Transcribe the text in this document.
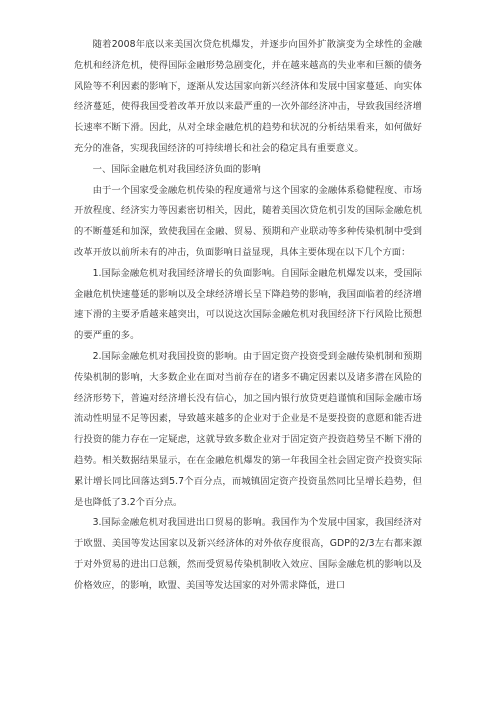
随着2008年底以来美国次贷危机爆发，并逐步向国外扩散演变为全球性的金融危机和经济危机，使得国际金融形势急剧变化，并在越来越高的失业率和巨额的债务风险等不利因素的影响下，逐渐从发达国家向新兴经济体和发展中国家蔓延、向实体经济蔓延，使得我国受着改革开放以来最严重的一次外部经济冲击，导致我国经济增长速率不断下滑。因此，从对全球金融危机的趋势和状况的分析结果看来，如何做好充分的准备，实现我国经济的可持续增长和社会的稳定具有重要意义。

一、国际金融危机对我国经济负面的影响

由于一个国家受金融危机传染的程度通常与这个国家的金融体系稳健程度、市场开放程度、经济实力等因素密切相关，因此，随着美国次贷危机引发的国际金融危机的不断蔓延和加深，致使我国在金融、贸易、预期和产业联动等多种传染机制中受到改革开放以前所未有的冲击，负面影响日益显现，具体主要体现在以下几个方面：

1.国际金融危机对我国经济增长的负面影响。自国际金融危机爆发以来，受国际金融危机快速蔓延的影响以及全球经济增长呈下降趋势的影响，我国面临着的经济增速下滑的主要矛盾越来越突出，可以说这次国际金融危机对我国经济下行风险比预想的要严重的多。

2.国际金融危机对我国投资的影响。由于固定资产投资受到金融传染机制和预期传染机制的影响，大多数企业在面对当前存在的诸多不确定因素以及诸多潜在风险的经济形势下，普遍对经济增长没有信心，加之国内银行放贷更趋谨慎和国际金融市场流动性明显不足等因素，导致越来越多的企业对于企业是不是要投资的意愿和能否进行投资的能力存在一定疑虑，这就导致多数企业对于固定资产投资趋势呈不断下滑的趋势。相关数据结果显示，在在金融危机爆发的第一年我国全社会固定资产投资实际累计增长同比回落达到5.7个百分点，而城镇固定资产投资虽然同比呈增长趋势，但是也降低了3.2个百分点。

3.国际金融危机对我国进出口贸易的影响。我国作为个发展中国家，我国经济对于欧盟、美国等发达国家以及新兴经济体的对外依存度很高，GDP的2/3左右都来源于对外贸易的进出口总额，然而受贸易传染机制收入效应、国际金融危机的影响以及价格效应，的影响，欧盟、美国等发达国家的对外需求降低，进口
